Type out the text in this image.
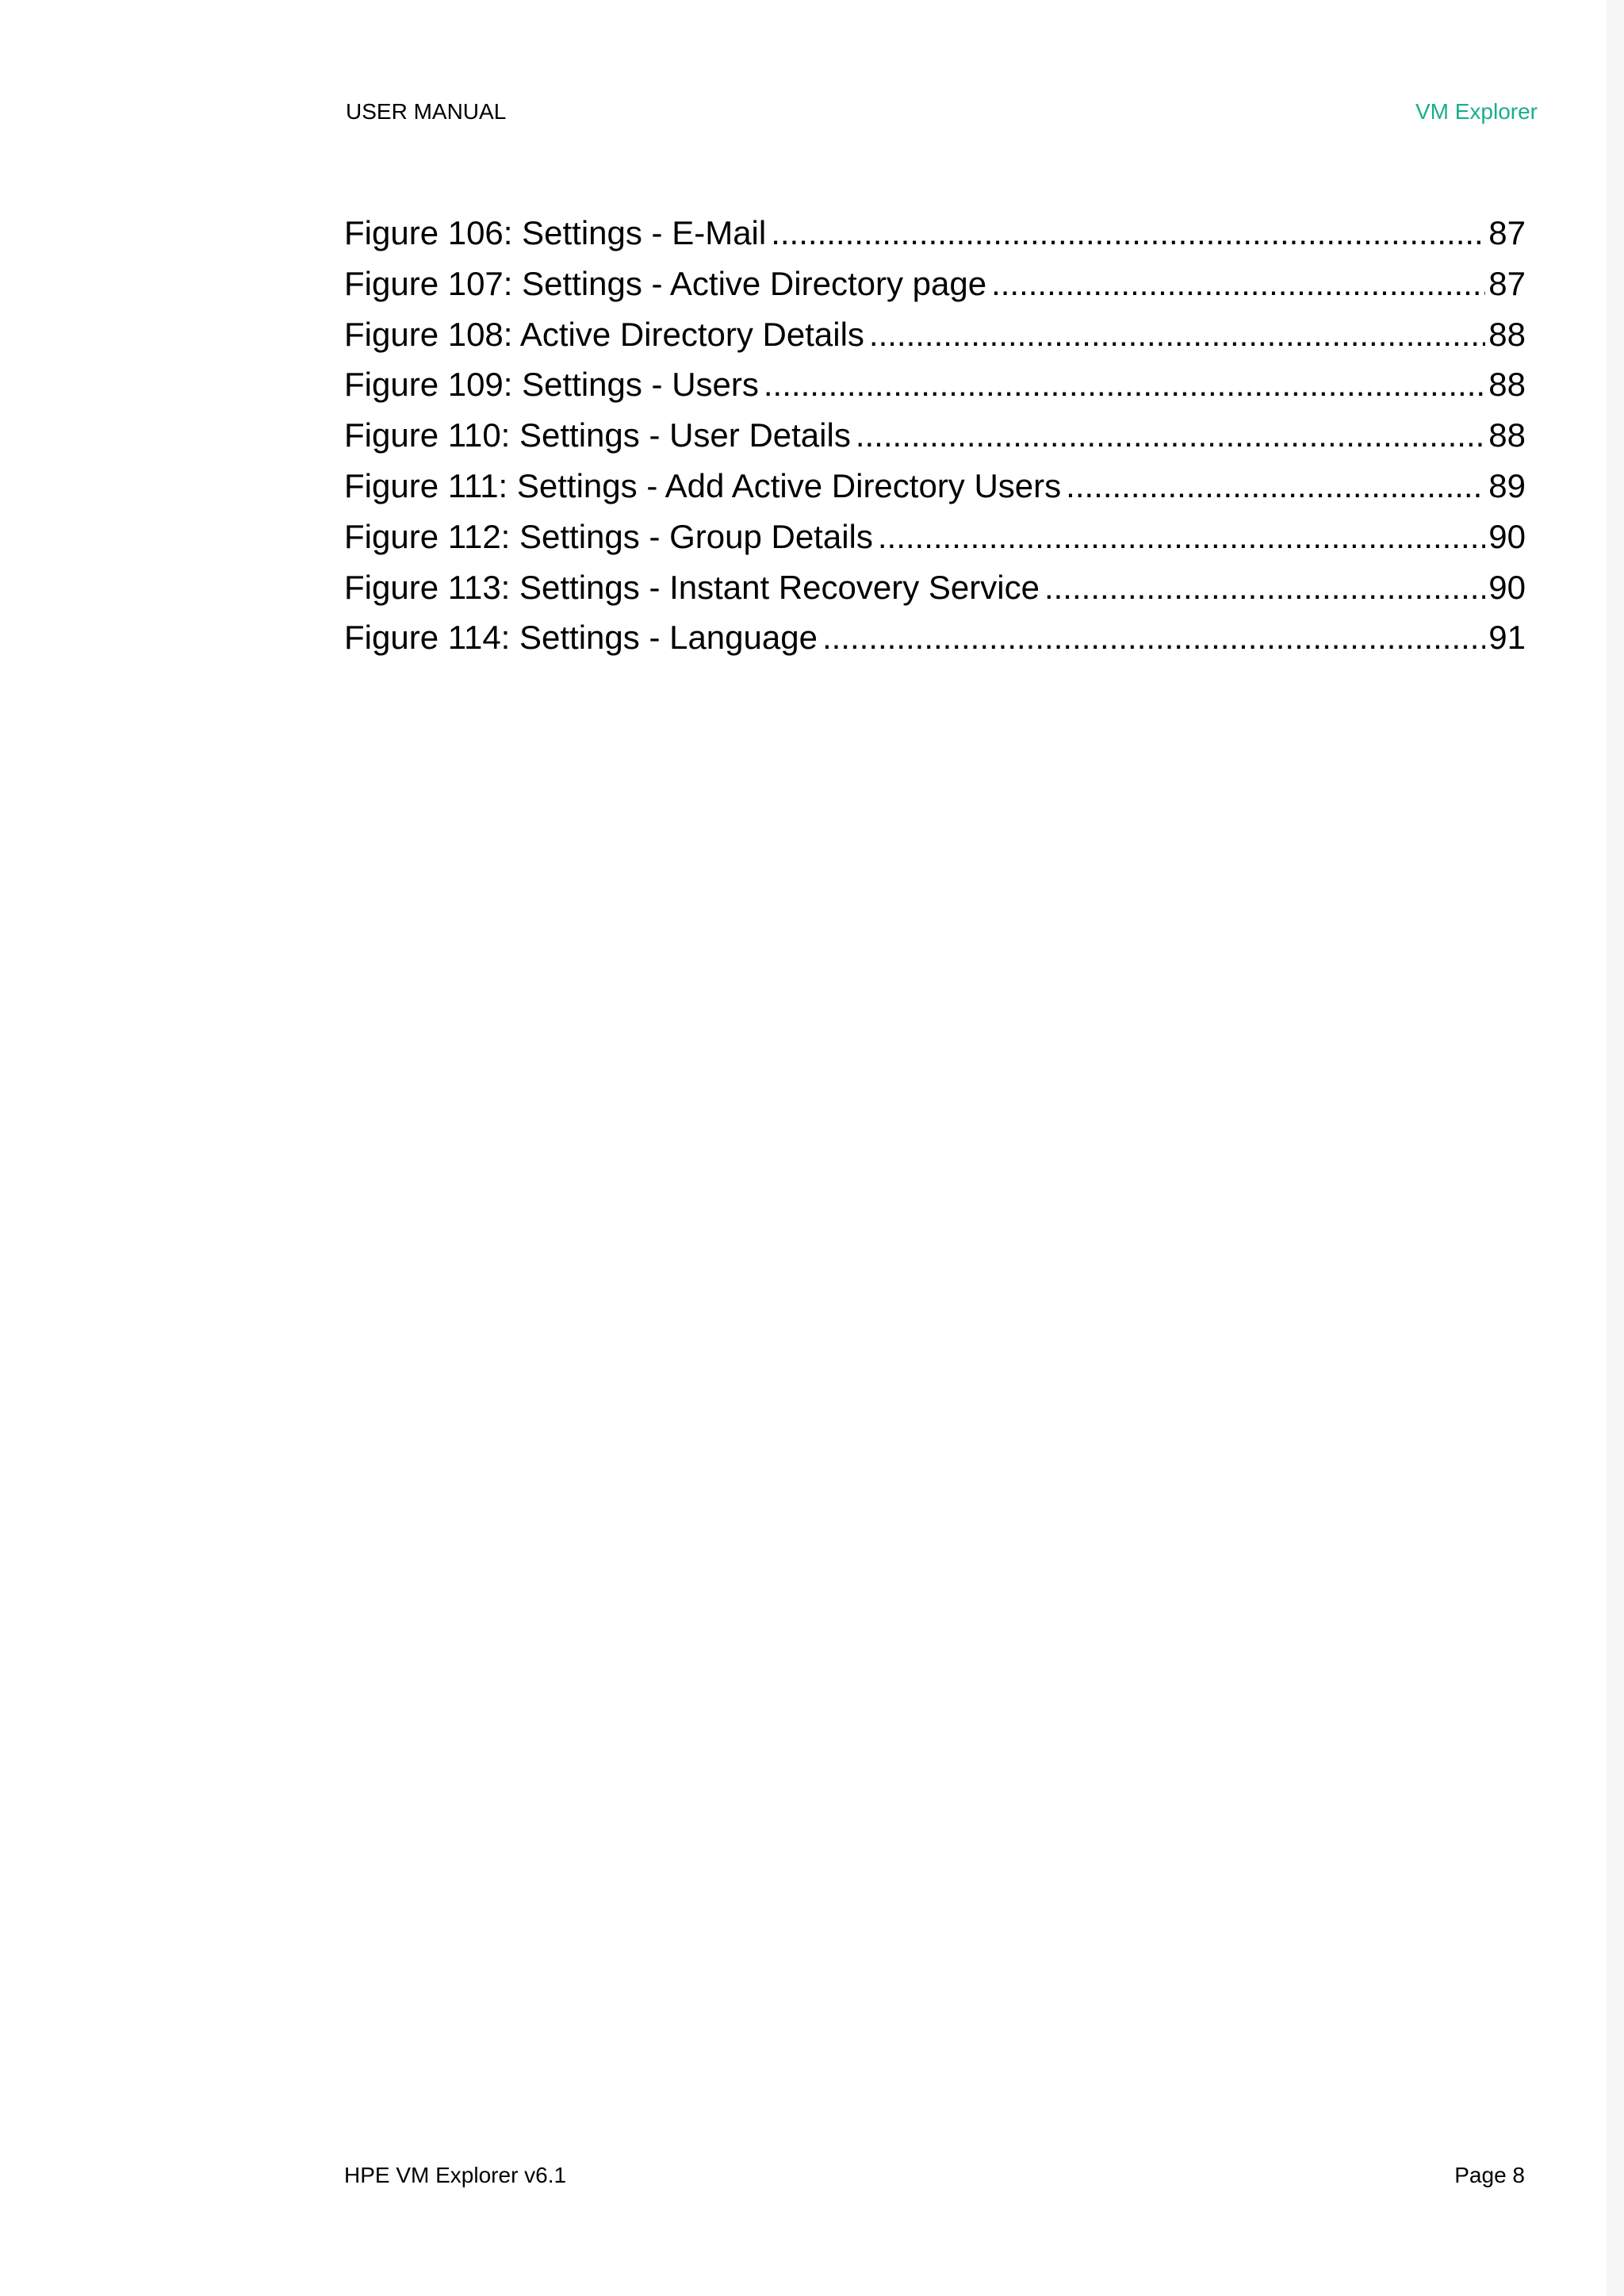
USER MANUAL	VM Explorer
Figure 106: Settings - E-Mail .....	87
Figure 107: Settings - Active Directory page .....	87
Figure 108: Active Directory Details .....	88
Figure 109: Settings - Users .....	88
Figure 110: Settings - User Details .....	88
Figure 111: Settings - Add Active Directory Users .....	89
Figure 112: Settings - Group Details .....	90
Figure 113: Settings - Instant Recovery Service .....	90
Figure 114: Settings - Language .....	91
HPE VM Explorer v6.1	Page 8
